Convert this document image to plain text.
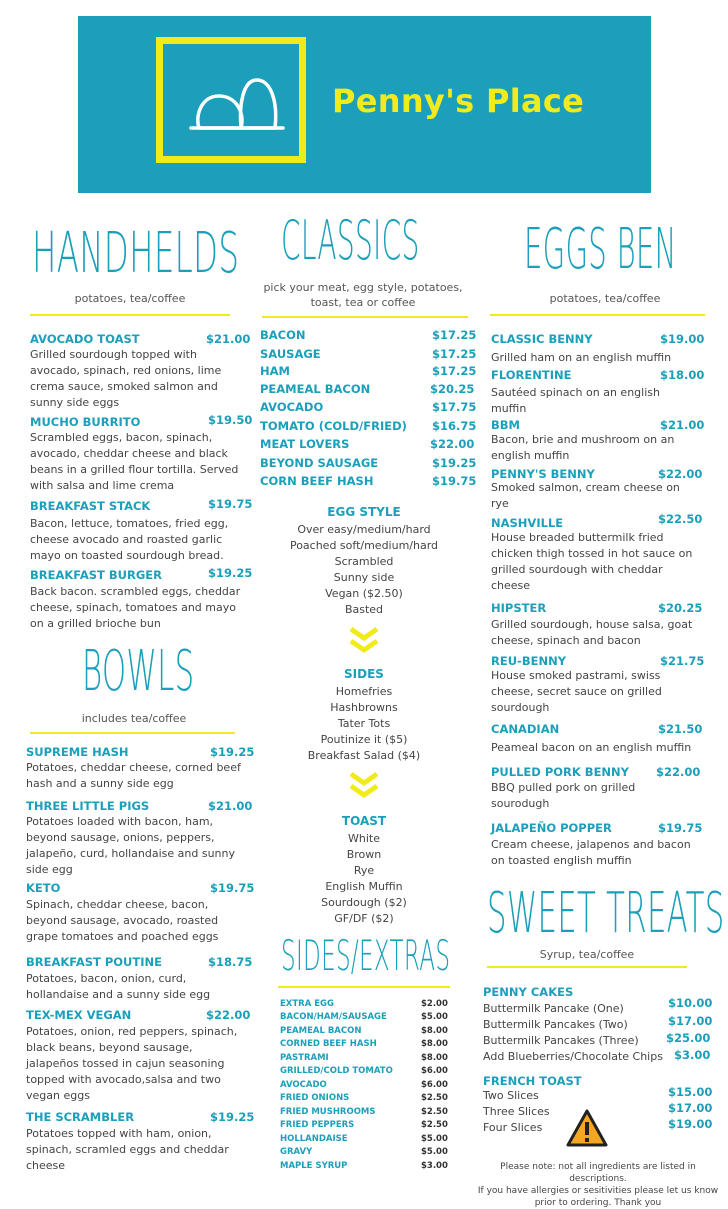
Penny's Place
HANDHELDS
potatoes, tea/coffee
CLASSICS
pick your meat, egg style, potatoes,
toast, tea or coffee
EGGS BEN
potatoes, tea/coffee
BOWLS
includes tea/coffee
SIDES/EXTRAS
SWEET TREATS
Syrup, tea/coffee
AVOCADO TOAST	$21.00
Grilled sourdough topped with
avocado, spinach, red onions, lime
crema sauce, smoked salmon and
sunny side eggs
MUCHO BURRITO	$19.50
Scrambled eggs, bacon, spinach,
avocado, cheddar cheese and black
beans in a grilled flour tortilla. Served
with salsa and lime crema
BREAKFAST STACK	$19.75
Bacon, lettuce, tomatoes, fried egg,
cheese avocado and roasted garlic
mayo on toasted sourdough bread.
BREAKFAST BURGER	$19.25
Back bacon. scrambled eggs, cheddar
cheese, spinach, tomatoes and mayo
on a grilled brioche bun
SUPREME HASH	$19.25
Potatoes, cheddar cheese, corned beef
hash and a sunny side egg
THREE LITTLE PIGS	$21.00
Potatoes loaded with bacon, ham,
beyond sausage, onions, peppers,
jalapeño, curd, hollandaise and sunny
side egg
KETO	$19.75
Spinach, cheddar cheese, bacon,
beyond sausage, avocado, roasted
grape tomatoes and poached eggs
BREAKFAST POUTINE	$18.75
Potatoes, bacon, onion, curd,
hollandaise and a sunny side egg
TEX-MEX VEGAN	$22.00
Potatoes, onion, red peppers, spinach,
black beans, beyond sausage,
jalapeños tossed in cajun seasoning
topped with avocado,salsa and two
vegan eggs
THE SCRAMBLER	$19.25
Potatoes topped with ham, onion,
spinach, scramled eggs and cheddar
cheese
BACON	$17.25
SAUSAGE	$17.25
HAM	$17.25
PEAMEAL BACON	$20.25
AVOCADO	$17.75
TOMATO (COLD/FRIED) $16.75
MEAT LOVERS	$22.00
BEYOND SAUSAGE	$19.25
CORN BEEF HASH	$19.75
EGG STYLE
Over easy/medium/hard
Poached soft/medium/hard
Scrambled
Sunny side
Vegan ($2.50)
Basted
SIDES
Homefries
Hashbrowns
Tater Tots
Poutinize it ($5)
Breakfast Salad ($4)
TOAST
White
Brown
Rye
English Muffin
Sourdough ($2)
GF/DF ($2)
EXTRA EGG	$2.00
BACON/HAM/SAUSAGE	$5.00
PEAMEAL BACON	$8.00
CORNED BEEF HASH	$8.00
PASTRAMI	$8.00
GRILLED/COLD TOMATO	$6.00
AVOCADO	$6.00
FRIED ONIONS	$2.50
FRIED MUSHROOMS	$2.50
FRIED PEPPERS	$2.50
HOLLANDAISE	$5.00
GRAVY	$5.00
MAPLE SYRUP	$3.00
CLASSIC BENNY	$19.00
Grilled ham on an english muffin
FLORENTINE	$18.00
Sautéed spinach on an english
muffin
BBM	$21.00
Bacon, brie and mushroom on an
english muffin
PENNY'S BENNY	$22.00
Smoked salmon, cream cheese on
rye
NASHVILLE	$22.50
House breaded buttermilk fried
chicken thigh tossed in hot sauce on
grilled sourdough with cheddar
cheese
HIPSTER	$20.25
Grilled sourdough, house salsa, goat
cheese, spinach and bacon
REU-BENNY	$21.75
House smoked pastrami, swiss
cheese, secret sauce on grilled
sourdough
CANADIAN	$21.50
Peameal bacon on an english muffin
PULLED PORK BENNY $22.00
BBQ pulled pork on grilled
sourodugh
JALAPEÑO POPPER	$19.75
Cream cheese, jalapenos and bacon
on toasted english muffin
PENNY CAKES
Buttermilk Pancake (One)	$10.00
Buttermilk Pancakes (Two)	$17.00
Buttermilk Pancakes (Three) $25.00
Add Blueberries/Chocolate Chips $3.00
FRENCH TOAST
Two Slices	$15.00
Three Slices	$17.00
Four Slices	$19.00
Please note: not all ingredients are listed in descriptions.
If you have allergies or sesitivities please let us know
prior to ordering. Thank you
